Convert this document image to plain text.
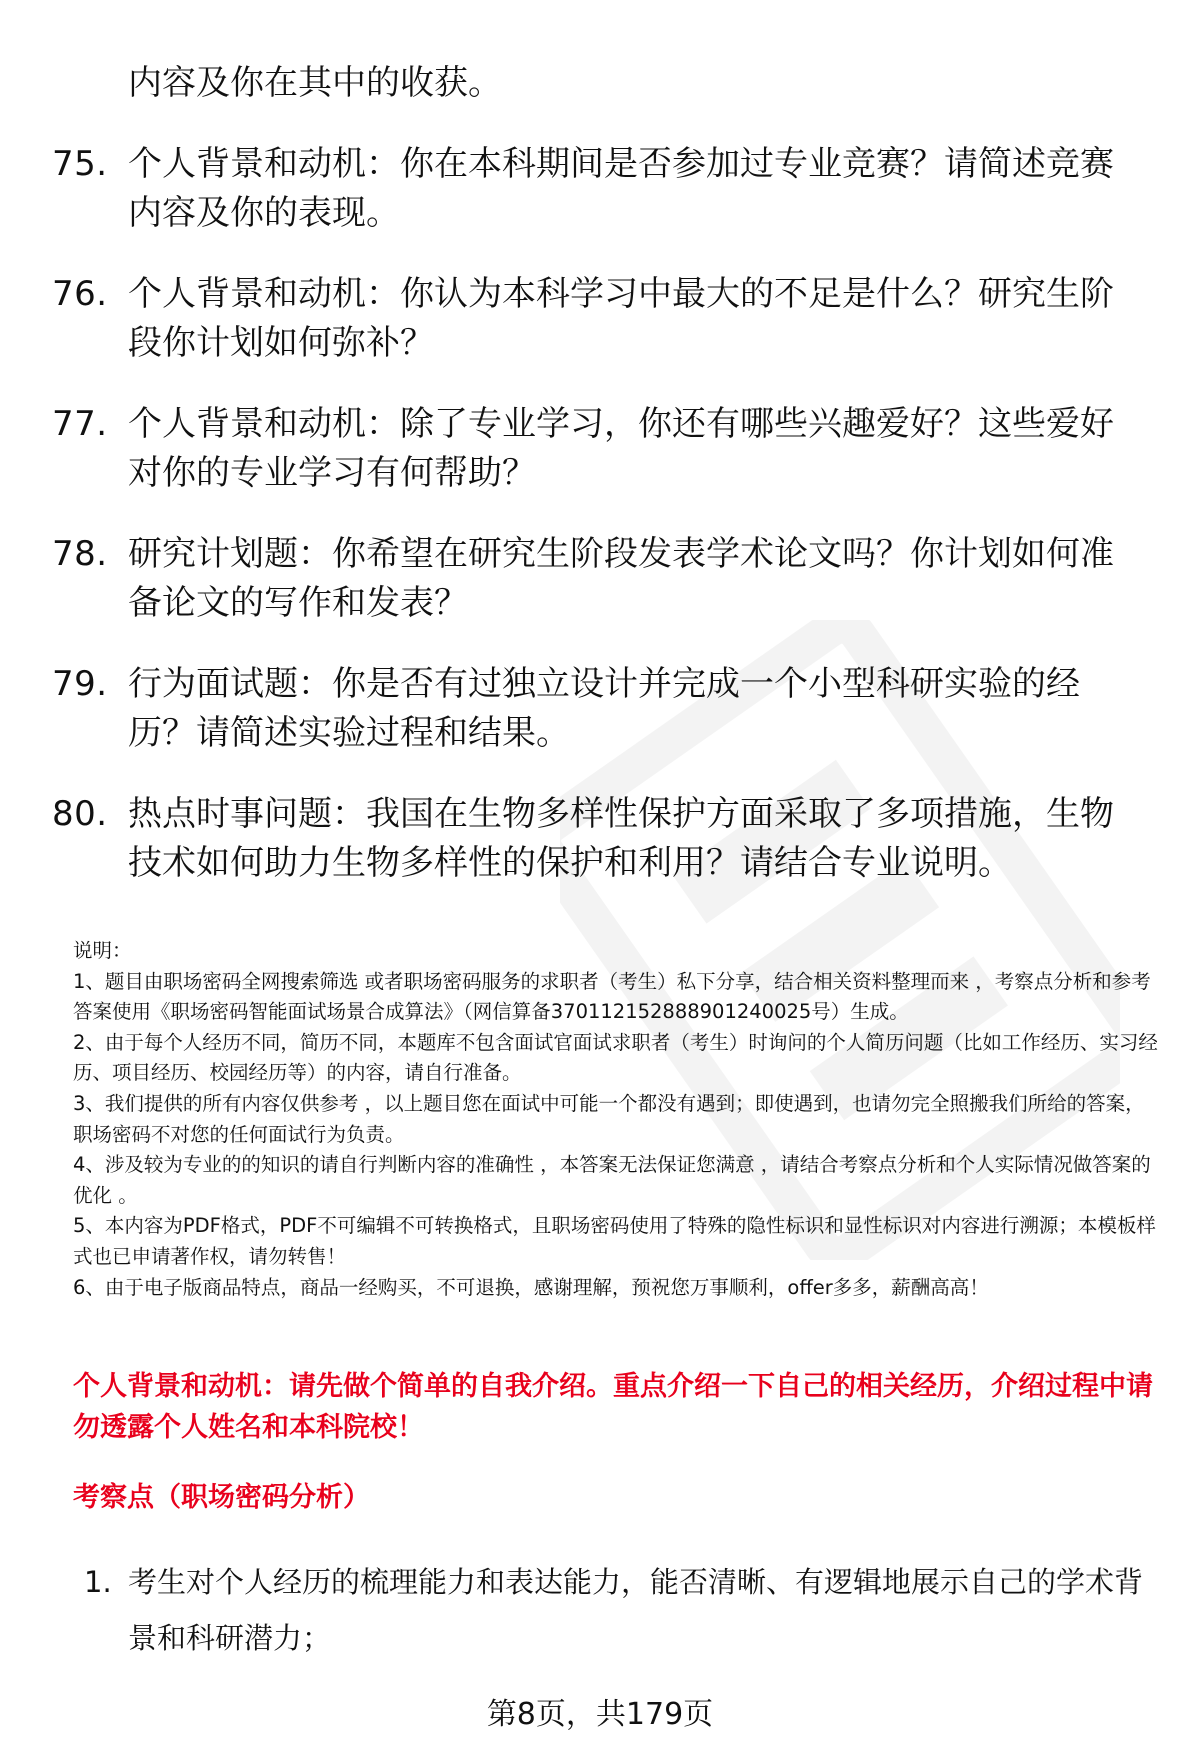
内容及你在其中的收获。
75. 个人背景和动机：你在本科期间是否参加过专业竞赛？请简述竞赛内容及你的表现。
76. 个人背景和动机：你认为本科学习中最大的不足是什么？研究生阶段你计划如何弥补？
77. 个人背景和动机：除了专业学习，你还有哪些兴趣爱好？这些爱好对你的专业学习有何帮助？
78. 研究计划题：你希望在研究生阶段发表学术论文吗？你计划如何准备论文的写作和发表？
79. 行为面试题：你是否有过独立设计并完成一个小型科研实验的经历？请简述实验过程和结果。
80. 热点时事问题：我国在生物多样性保护方面采取了多项措施，生物技术如何助力生物多样性的保护和利用？请结合专业说明。

说明：

1、题目由职场密码全网搜索筛选 或者职场密码服务的求职者（考生）私下分享，结合相关资料整理而来 ，考察点分析和参考答案使用《职场密码智能面试场景合成算法》（网信算备370112152888901240025号）生成。

2、由于每个人经历不同，简历不同，本题库不包含面试官面试求职者（考生）时询问的个人简历问题（比如工作经历、实习经历、项目经历、校园经历等）的内容，请自行准备。

3、我们提供的所有内容仅供参考 ，以上题目您在面试中可能一个都没有遇到；即使遇到，也请勿完全照搬我们所给的答案，职场密码不对您的任何面试行为负责。

4、涉及较为专业的的知识的请自行判断内容的准确性 ，本答案无法保证您满意 ，请结合考察点分析和个人实际情况做答案的优化 。

5、本内容为PDF格式，PDF不可编辑不可转换格式，且职场密码使用了特殊的隐性标识和显性标识对内容进行溯源；本模板样式也已申请著作权，请勿转售！

6、由于电子版商品特点，商品一经购买，不可退换，感谢理解，预祝您万事顺利，offer多多，薪酬高高！

个人背景和动机：请先做个简单的自我介绍。重点介绍一下自己的相关经历，介绍过程中请勿透露个人姓名和本科院校！
考察点（职场密码分析）
1. 考生对个人经历的梳理能力和表达能力，能否清晰、有逻辑地展示自己的学术背景和科研潜力；
第8页，共179页
